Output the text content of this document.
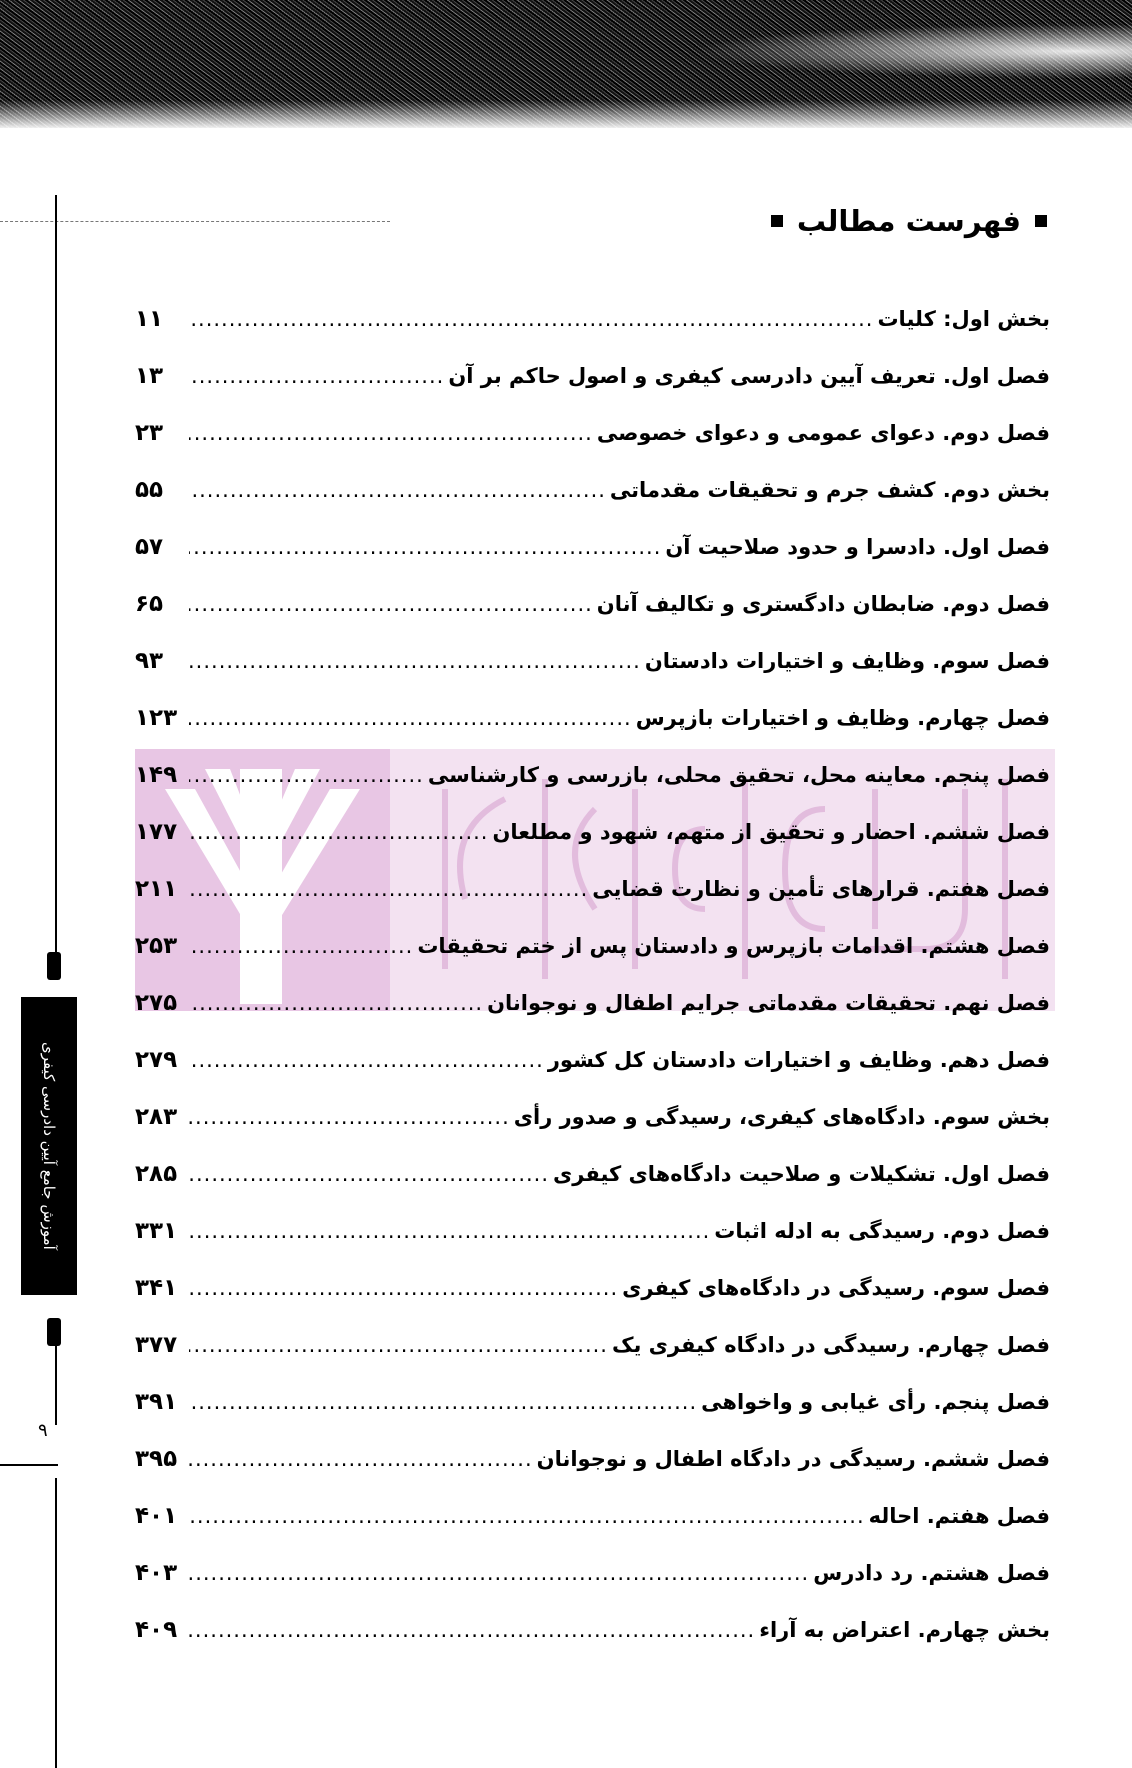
آموزش جامع آیین دادرسی کیفری
۹
فهرست مطالب
بخش اول: کلیات
.....
۱۱
فصل اول. تعریف آیین دادرسی کیفری و اصول حاکم بر آن
.....
۱۳
فصل دوم. دعوای عمومی و دعوای خصوصی
.....
۲۳
بخش دوم. کشف جرم و تحقیقات مقدماتی
.....
۵۵
فصل اول. دادسرا و حدود صلاحیت آن
.....
۵۷
فصل دوم. ضابطان دادگستری و تکالیف آنان
.....
۶۵
فصل سوم. وظایف و اختیارات دادستان
.....
۹۳
فصل چهارم. وظایف و اختیارات بازپرس
.....
۱۲۳
فصل پنجم. معاینه محل، تحقیق محلی، بازرسی و کارشناسی
.....
۱۴۹
فصل ششم. احضار و تحقیق از متهم، شهود و مطلعان
.....
۱۷۷
فصل هفتم. قرارهای تأمین و نظارت قضایی
.....
۲۱۱
فصل هشتم. اقدامات بازپرس و دادستان پس از ختم تحقیقات
.....
۲۵۳
فصل نهم. تحقیقات مقدماتی جرایم اطفال و نوجوانان
.....
۲۷۵
فصل دهم. وظایف و اختیارات دادستان کل کشور
.....
۲۷۹
بخش سوم. دادگاه‌های کیفری، رسیدگی و صدور رأی
.....
۲۸۳
فصل اول. تشکیلات و صلاحیت دادگاه‌های کیفری
.....
۲۸۵
فصل دوم. رسیدگی به ادله اثبات
.....
۳۳۱
فصل سوم. رسیدگی در دادگاه‌های کیفری
.....
۳۴۱
فصل چهارم. رسیدگی در دادگاه کیفری یک
.....
۳۷۷
فصل پنجم. رأی غیابی و واخواهی
.....
۳۹۱
فصل ششم. رسیدگی در دادگاه اطفال و نوجوانان
.....
۳۹۵
فصل هفتم. احاله
.....
۴۰۱
فصل هشتم. رد دادرس
.....
۴۰۳
بخش چهارم. اعتراض به آراء
.....
۴۰۹
